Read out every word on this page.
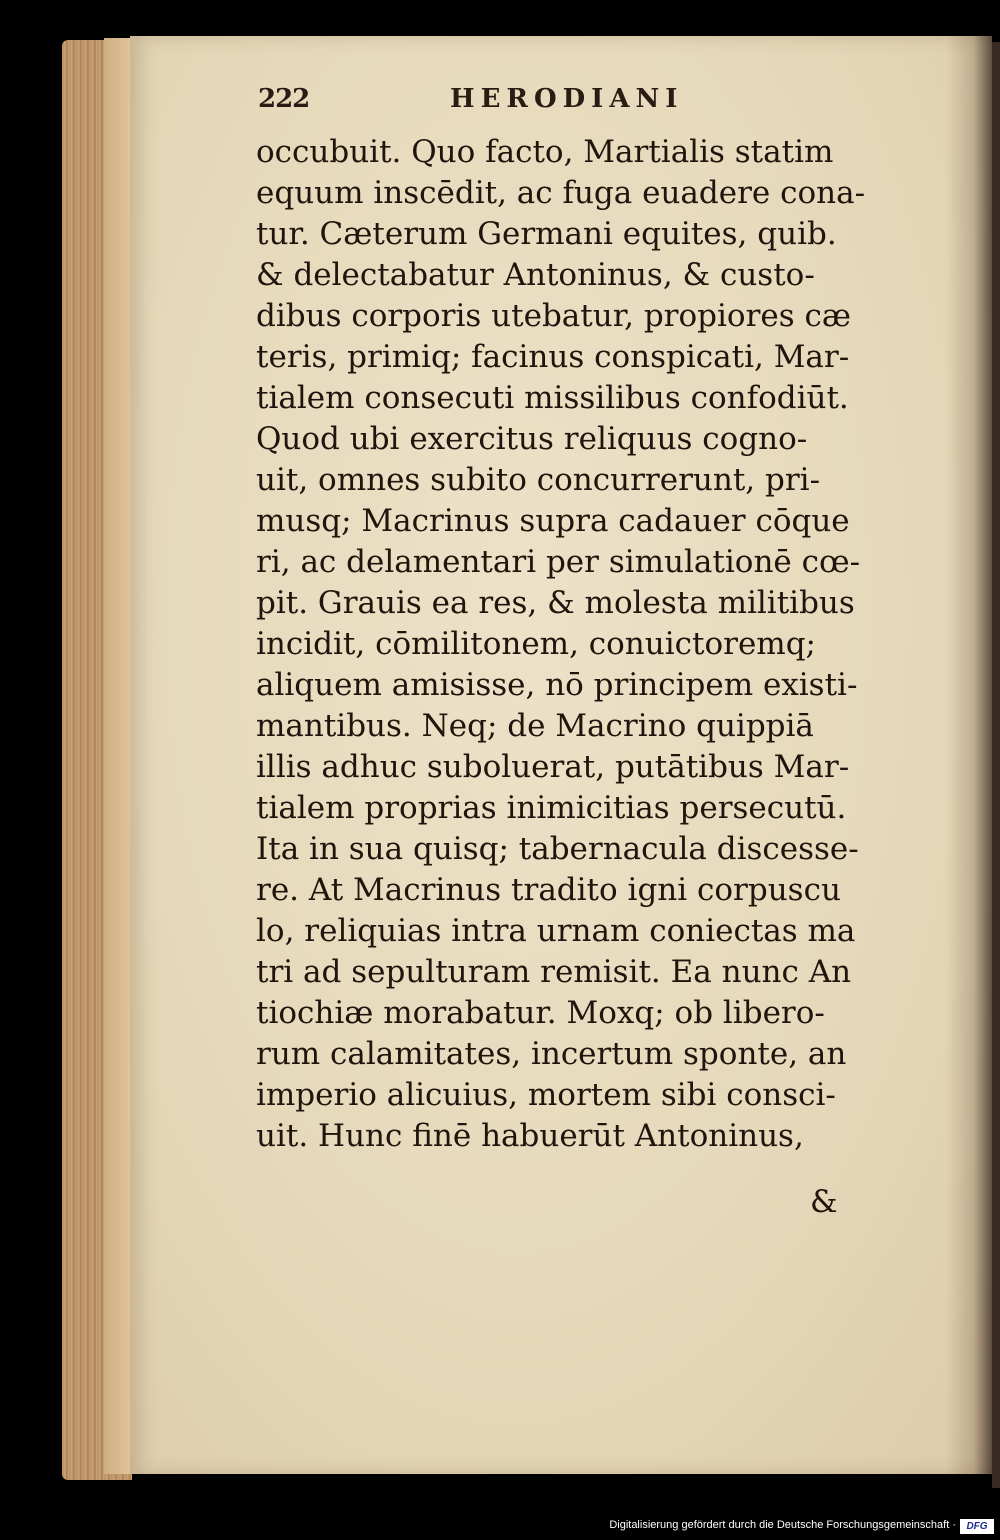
222	HERODIANI
occubuit. Quo facto, Martialis statim
equum inscēdit, ac fuga euadere cona-
tur. Cæterum Germani equites, quib.
& delectabatur Antoninus, & custo-
dibus corporis utebatur, propiores cæ
teris, primiq; facinus conspicati, Mar-
tialem consecuti missilibus confodiūt.
Quod ubi exercitus reliquus cogno-
uit, omnes subito concurrerunt, pri-
musq; Macrinus supra cadauer cōque
ri, ac delamentari per simulationē cœ-
pit. Grauis ea res, & molesta militibus
incidit, cōmilitonem, conuictoremq;
aliquem amisisse, nō principem existi-
mantibus. Neq; de Macrino quippiā
illis adhuc suboluerat, putātibus Mar-
tialem proprias inimicitias persecutū.
Ita in sua quisq; tabernacula discesse-
re. At Macrinus tradito igni corpuscu
lo, reliquias intra urnam coniectas ma
tri ad sepulturam remisit. Ea nunc An
tiochiæ morabatur. Moxq; ob libero-
rum calamitates, incertum sponte, an
imperio alicuius, mortem sibi consci-
uit. Hunc finē habuerūt Antoninus,
&
Digitalisierung gefördert durch die Deutsche Forschungsgemeinschaft ·	DFG
